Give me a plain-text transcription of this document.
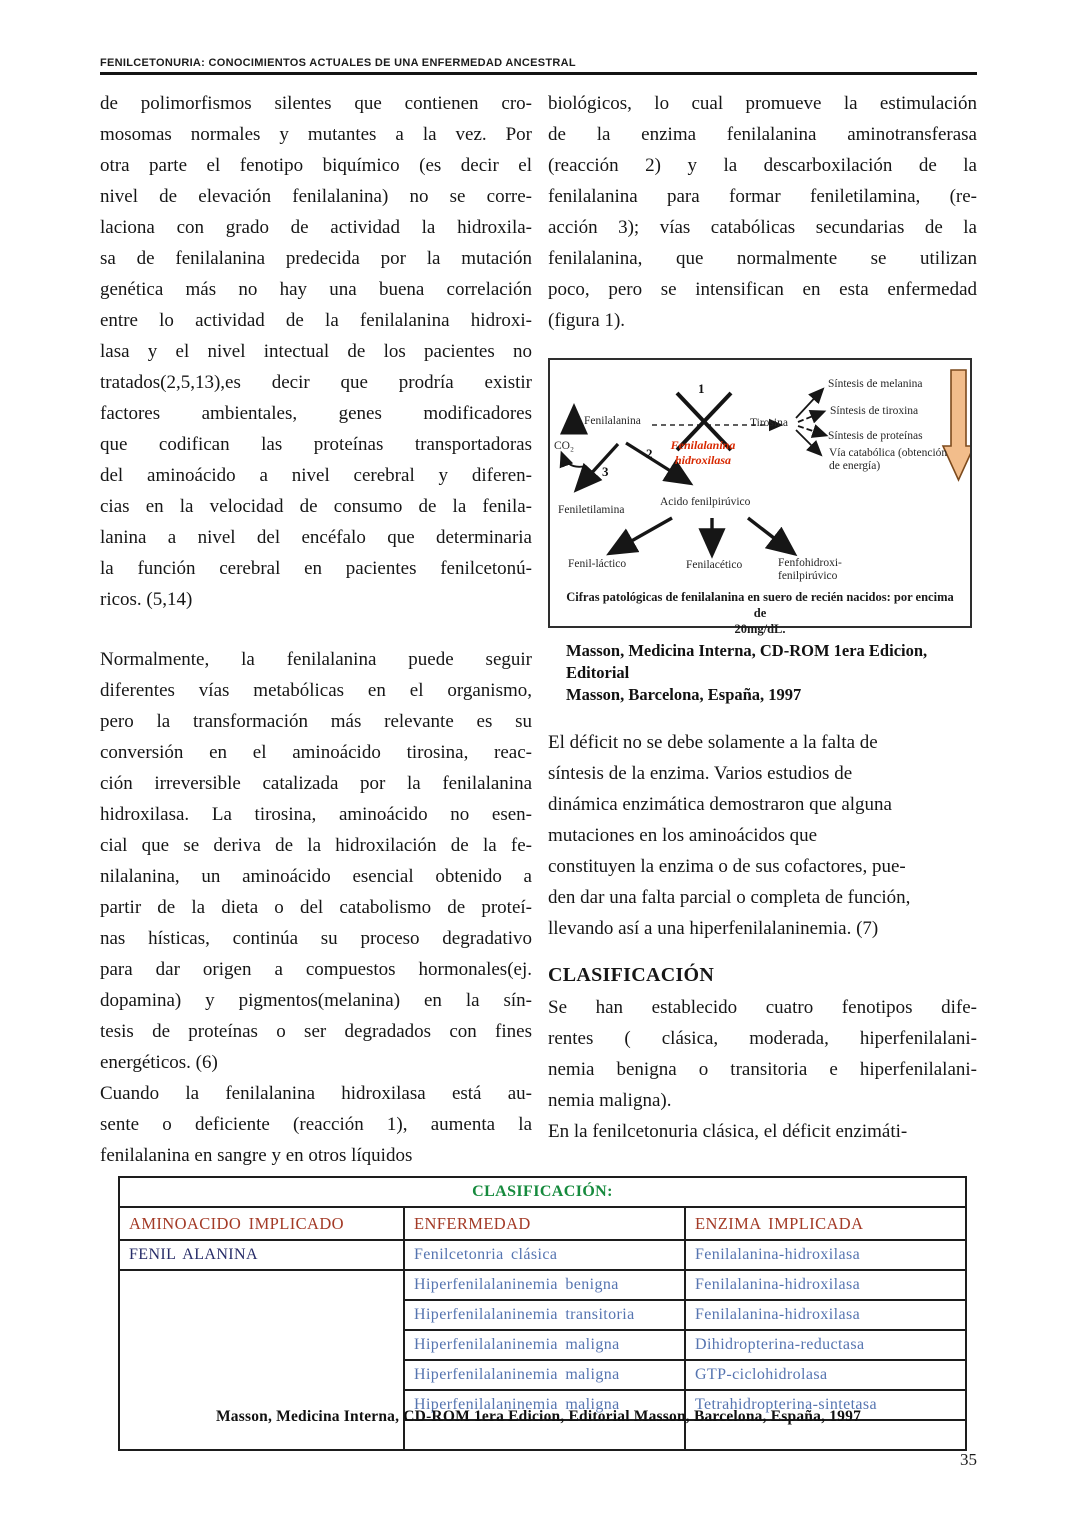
FENILCETONURIA: CONOCIMIENTOS ACTUALES DE UNA ENFERMEDAD ANCESTRAL
de polimorfismos silentes que contienen cro-
mosomas normales y mutantes a la vez. Por
otra parte el fenotipo biquímico (es decir el
nivel de elevación fenilalanina) no se corre-
laciona con grado de actividad la hidroxila-
sa de fenilalanina predecida por la mutación
genética más no hay una buena correlación
entre lo actividad de la fenilalanina hidroxi-
lasa y el nivel intectual de los pacientes no
tratados(2,5,13),es decir que prodría existir
factores ambientales, genes modificadores
que codifican las proteínas transportadoras
del aminoácido a nivel cerebral y diferen-
cias en la velocidad de consumo de la fenila-
lanina a nivel del encéfalo que determinaria
la función cerebral en pacientes fenilcetonú-
ricos. (5,14)
Normalmente, la fenilalanina puede seguir
diferentes vías metabólicas en el organismo,
pero la transformación más relevante es su
conversión en el aminoácido tirosina, reac-
ción irreversible catalizada por la fenilalanina
hidroxilasa. La tirosina, aminoácido no esen-
cial que se deriva de la hidroxilación de la fe-
nilalanina, un aminoácido esencial obtenido a
partir de la dieta o del catabolismo de proteí-
nas hísticas, continúa su proceso degradativo
para dar origen a compuestos hormonales(ej.
dopamina) y pigmentos(melanina) en la sín-
tesis de proteínas o ser degradados con fines
energéticos. (6)
Cuando la fenilalanina hidroxilasa está au-
sente o deficiente (reacción 1), aumenta la
fenilalanina en sangre y en otros líquidos
biológicos, lo cual promueve la estimulación
de la enzima fenilalanina aminotransferasa
(reacción 2) y la descarboxilación de la
fenilalanina para formar feniletilamina, (re-
acción 3); vías catabólicas secundarias de la
fenilalanina, que normalmente se utilizan
poco, pero se intensifican en esta enfermedad
(figura 1).
Fenilalanina
CO₂
1
Fenilalanina
hidroxilasa
Tirosina
2
3
Feniletilamina
Acido fenilpirúvico
Fenil-láctico	Fenilacético	Fenfohidroxi-
fenilpirúvico
Síntesis de melanina
Síntesis de tiroxina
Síntesis de proteínas
Vía catabólica (obtención
de energía)
Cifras patológicas de fenilalanina en suero de recién nacidos: por encima de
20mg/dL.
Masson, Medicina Interna, CD-ROM 1era Edicion, Editorial
Masson, Barcelona, España, 1997
El déficit no se debe solamente a la falta de
síntesis de la enzima. Varios estudios de
dinámica enzimática demostraron que alguna
mutaciones en los aminoácidos que
constituyen la enzima o de sus cofactores, pue-
den dar una falta parcial o completa de función,
llevando así a una hiperfenilalaninemia. (7)
CLASIFICACIÓN
Se han establecido cuatro fenotipos dife-
rentes ( clásica, moderada, hiperfenilalani-
nemia benigna o transitoria e hiperfenilalani-
nemia maligna).
En la fenilcetonuria clásica, el déficit enzimáti-
CLASIFICACIÓN:		
AMINOACIDO IMPLICADO	ENFERMEDAD	ENZIMA IMPLICADA
FENIL ALANINA	Fenilcetonria clásica	Fenilalanina-hidroxilasa
	Hiperfenilalaninemia benigna	Fenilalanina-hidroxilasa
	Hiperfenilalaninemia transitoria	Fenilalanina-hidroxilasa
	Hiperfenilalaninemia maligna	Dihidropterina-reductasa
	Hiperfenilalaninemia maligna	GTP-ciclohidrolasa
	Hiperfenilalaninemia maligna	Tetrahidropterina-sintetasa

Masson, Medicina Interna, CD-ROM 1era Edicion, Editorial Masson, Barcelona, España, 1997
35
